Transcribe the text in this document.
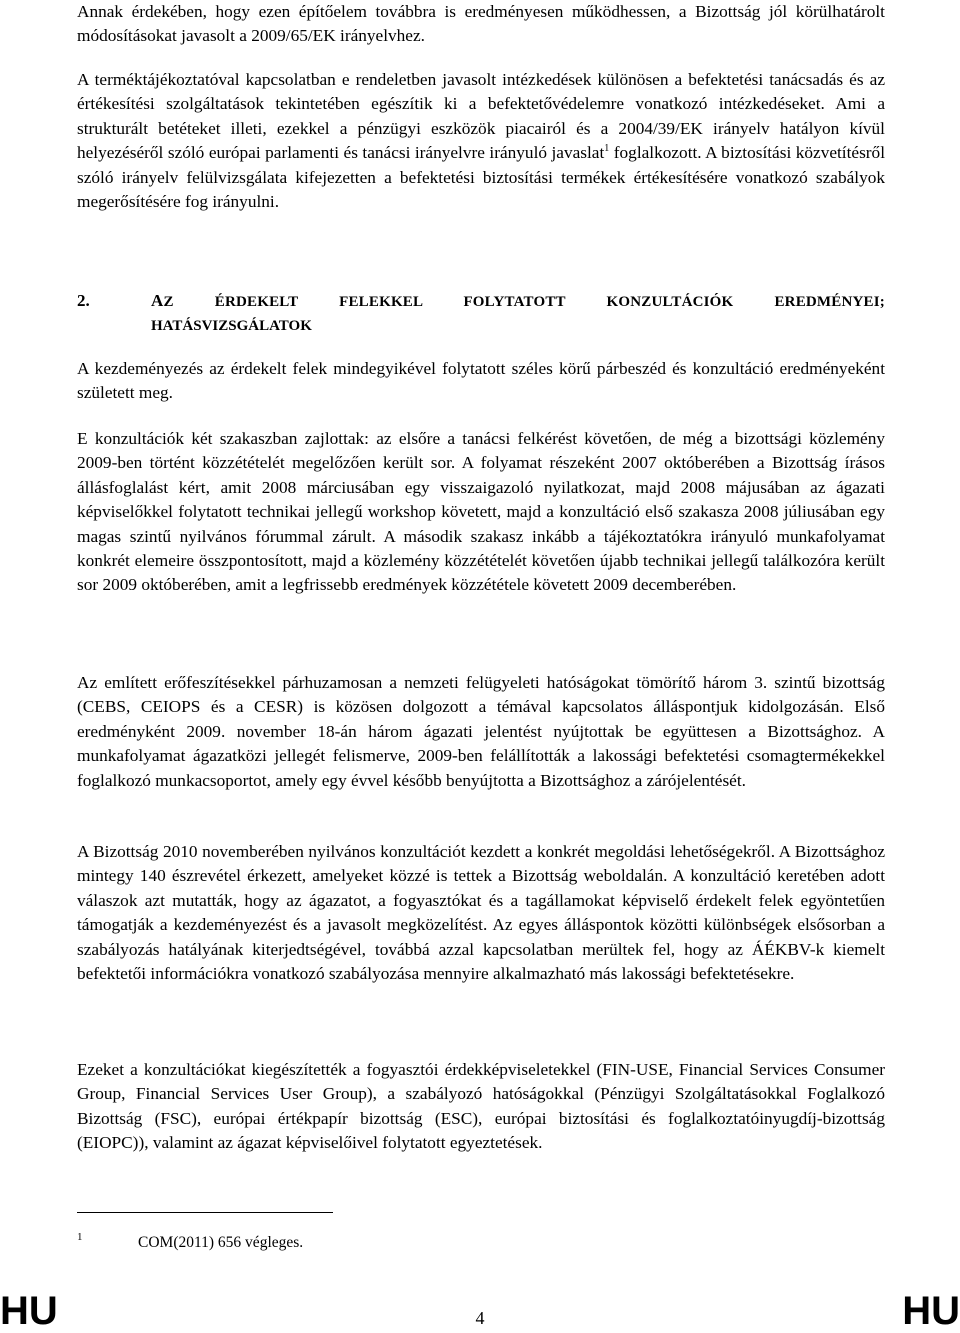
Annak érdekében, hogy ezen építőelem továbbra is eredményesen működhessen, a Bizottság jól körülhatárolt módosításokat javasolt a 2009/65/EK irányelvhez.

A terméktájékoztatóval kapcsolatban e rendeletben javasolt intézkedések különösen a befektetési tanácsadás és az értékesítési szolgáltatások tekintetében egészítik ki a befektetővédelemre vonatkozó intézkedéseket. Ami a strukturált betéteket illeti, ezekkel a pénzügyi eszközök piacairól és a 2004/39/EK irányelv hatályon kívül helyezéséről szóló európai parlamenti és tanácsi irányelvre irányuló javaslat$^1$ foglalkozott. A biztosítási közvetítésről szóló irányelv felülvizsgálata kifejezetten a befektetési biztosítási termékek értékesítésére vonatkozó szabályok megerősítésére fog irányulni.

2.	AZ ÉRDEKELT FELEKKEL FOLYTATOTT KONZULTÁCIÓK EREDMÉNYEI;
HATÁSVIZSGÁLATOK

A kezdeményezés az érdekelt felek mindegyikével folytatott széles körű párbeszéd és konzultáció eredményeként született meg.

E konzultációk két szakaszban zajlottak: az elsőre a tanácsi felkérést követően, de még a bizottsági közlemény 2009-ben történt közzétételét megelőzően került sor. A folyamat részeként 2007 októberében a Bizottság írásos állásfoglalást kért, amit 2008 márciusában egy visszaigazoló nyilatkozat, majd 2008 májusában az ágazati képviselőkkel folytatott technikai jellegű workshop követett, majd a konzultáció első szakasza 2008 júliusában egy magas szintű nyilvános fórummal zárult. A második szakasz inkább a tájékoztatókra irányuló munkafolyamat konkrét elemeire összpontosított, majd a közlemény közzétételét követően újabb technikai jellegű találkozóra került sor 2009 októberében, amit a legfrissebb eredmények közzététele követett 2009 decemberében.

Az említett erőfeszítésekkel párhuzamosan a nemzeti felügyeleti hatóságokat tömörítő három 3. szintű bizottság (CEBS, CEIOPS és a CESR) is közösen dolgozott a témával kapcsolatos álláspontjuk kidolgozásán. Első eredményként 2009. november 18-án három ágazati jelentést nyújtottak be együttesen a Bizottsághoz. A munkafolyamat ágazatközi jellegét felismerve, 2009-ben felállították a lakossági befektetési csomagtermékekkel foglalkozó munkacsoportot, amely egy évvel később benyújtotta a Bizottsághoz a zárójelentését.

A Bizottság 2010 novemberében nyilvános konzultációt kezdett a konkrét megoldási lehetőségekről. A Bizottsághoz mintegy 140 észrevétel érkezett, amelyeket közzé is tettek a Bizottság weboldalán. A konzultáció keretében adott válaszok azt mutatták, hogy az ágazatot, a fogyasztókat és a tagállamokat képviselő érdekelt felek egyöntetűen támogatják a kezdeményezést és a javasolt megközelítést. Az egyes álláspontok közötti különbségek elsősorban a szabályozás hatályának kiterjedtségével, továbbá azzal kapcsolatban merültek fel, hogy az ÁÉKBV-k kiemelt befektetői információkra vonatkozó szabályozása mennyire alkalmazható más lakossági befektetésekre.

Ezeket a konzultációkat kiegészítették a fogyasztói érdekképviseletekkel (FIN-USE, Financial Services Consumer Group, Financial Services User Group), a szabályozó hatóságokkal (Pénzügyi Szolgáltatásokkal Foglalkozó Bizottság (FSC), európai értékpapír bizottság (ESC), európai biztosítási és foglalkoztatóinyugdíj-bizottság (EIOPC)), valamint az ágazat képviselőivel folytatott egyeztetések.

1	COM(2011) 656 végleges.
HU	4	HU
